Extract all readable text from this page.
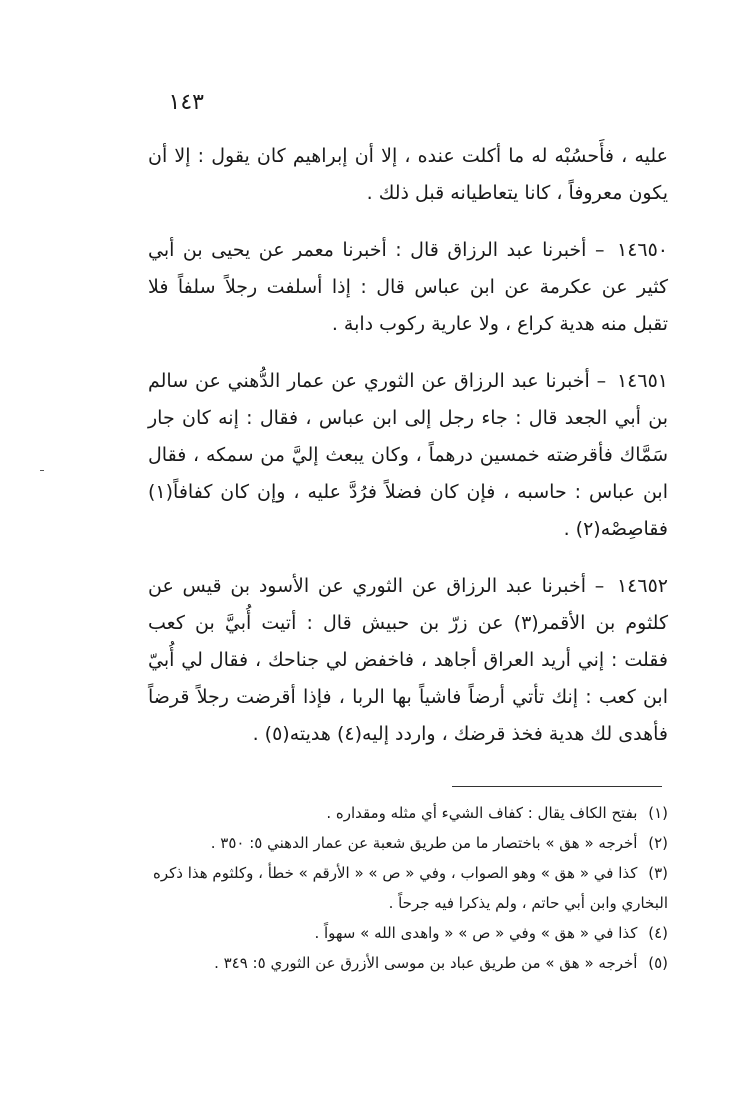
١٤٣

عليه ، فأَحسُبْه له ما أكلت عنده ، إلا أن إبراهيم كان يقول : إلا أن يكون معروفاً ، كانا يتعاطيانه قبل ذلك .

١٤٦٥٠ – أخبرنا عبد الرزاق قال : أخبرنا معمر عن يحيى بن أبي كثير عن عكرمة عن ابن عباس قال : إذا أسلفت رجلاً سلفاً فلا تقبل منه هدية كراع ، ولا عارية ركوب دابة .

١٤٦٥١ – أخبرنا عبد الرزاق عن الثوري عن عمار الدُّهني عن سالم بن أبي الجعد قال : جاء رجل إلى ابن عباس ، فقال : إنه كان جار سَمَّاك فأقرضته خمسين درهماً ، وكان يبعث إليَّ من سمكه ، فقال ابن عباس : حاسبه ، فإن كان فضلاً فرُدَّ عليه ، وإن كان كفافاً(١) فقاصِصْه(٢) .

١٤٦٥٢ – أخبرنا عبد الرزاق عن الثوري عن الأسود بن قيس عن كلثوم بن الأقمر(٣) عن زرّ بن حبيش قال : أتيت أُبيَّ بن كعب فقلت : إني أريد العراق أجاهد ، فاخفض لي جناحك ، فقال لي أُبيّ ابن كعب : إنك تأتي أرضاً فاشياً بها الربا ، فإذا أقرضت رجلاً قرضاً فأهدى لك هدية فخذ قرضك ، واردد إليه(٤) هديته(٥) .

(١) بفتح الكاف يقال : كفاف الشيء أي مثله ومقداره .

(٢) أخرجه « هق » باختصار ما من طريق شعبة عن عمار الدهني ٥: ٣٥٠ .

(٣) كذا في « هق » وهو الصواب ، وفي « ص » « الأرقم » خطأ ، وكلثوم هذا ذكره البخاري وابن أبي حاتم ، ولم يذكرا فيه جرحاً .

(٤) كذا في « هق » وفي « ص » « واهدى الله » سهواً .

(٥) أخرجه « هق » من طريق عباد بن موسى الأزرق عن الثوري ٥: ٣٤٩ .
